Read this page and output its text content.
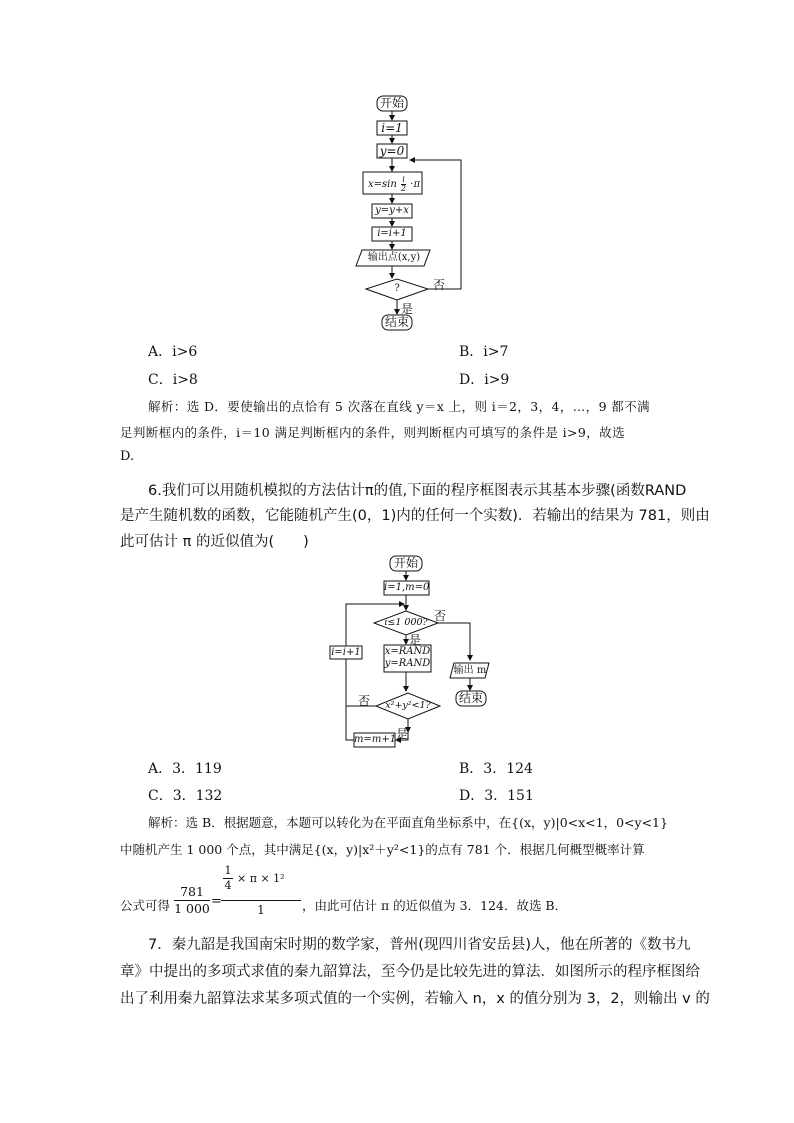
开始
i=1
y=0
$x=\sin \frac{i}{2} \cdot\pi$
y=y+x
i=i+1
输出点(x,y)
?	否
是
结束
A．i>6	B．i>7
C．i>8	D．i>9
解析：选 D．要使输出的点恰有 5 次落在直线 y＝x 上，则 i＝2，3，4，…，9 都不满
足判断框内的条件，i＝10 满足判断框内的条件，则判断框内可填写的条件是 i>9，故选
D.
6.我们可以用随机模拟的方法估计π的值,下面的程序框图表示其基本步骤(函数RAND
是产生随机数的函数，它能随机产生(0，1)内的任何一个实数)．若输出的结果为 781，则由
此可估计 π 的近似值为(　　)
开始
i=1,m=0
i≤1 000? 否
是
x=RAND
y=RAND
i=i+1
输出 m
结束
x²+y²<1?
否
是
m=m+1
A．3．119	B．3．124
C．3．132	D．3．151
解析：选 B．根据题意，本题可以转化为在平面直角坐标系中，在{(x，y)|0<x<1，0<y<1}
中随机产生 1 000 个点，其中满足{(x，y)|x²＋y²<1}的点有 781 个．根据几何概型概率计算
公式可得 $\frac{781}{1 000} = \frac{\frac{1}{4} \times \pi \times 1^2}{1}$ ，由此可估计 π 的近似值为 3．124．故选 B．
7．秦九韶是我国南宋时期的数学家，普州(现四川省安岳县)人，他在所著的《数书九
章》中提出的多项式求值的秦九韶算法，至今仍是比较先进的算法．如图所示的程序框图给
出了利用秦九韶算法求某多项式值的一个实例，若输入 n，x 的值分别为 3，2，则输出 v 的
